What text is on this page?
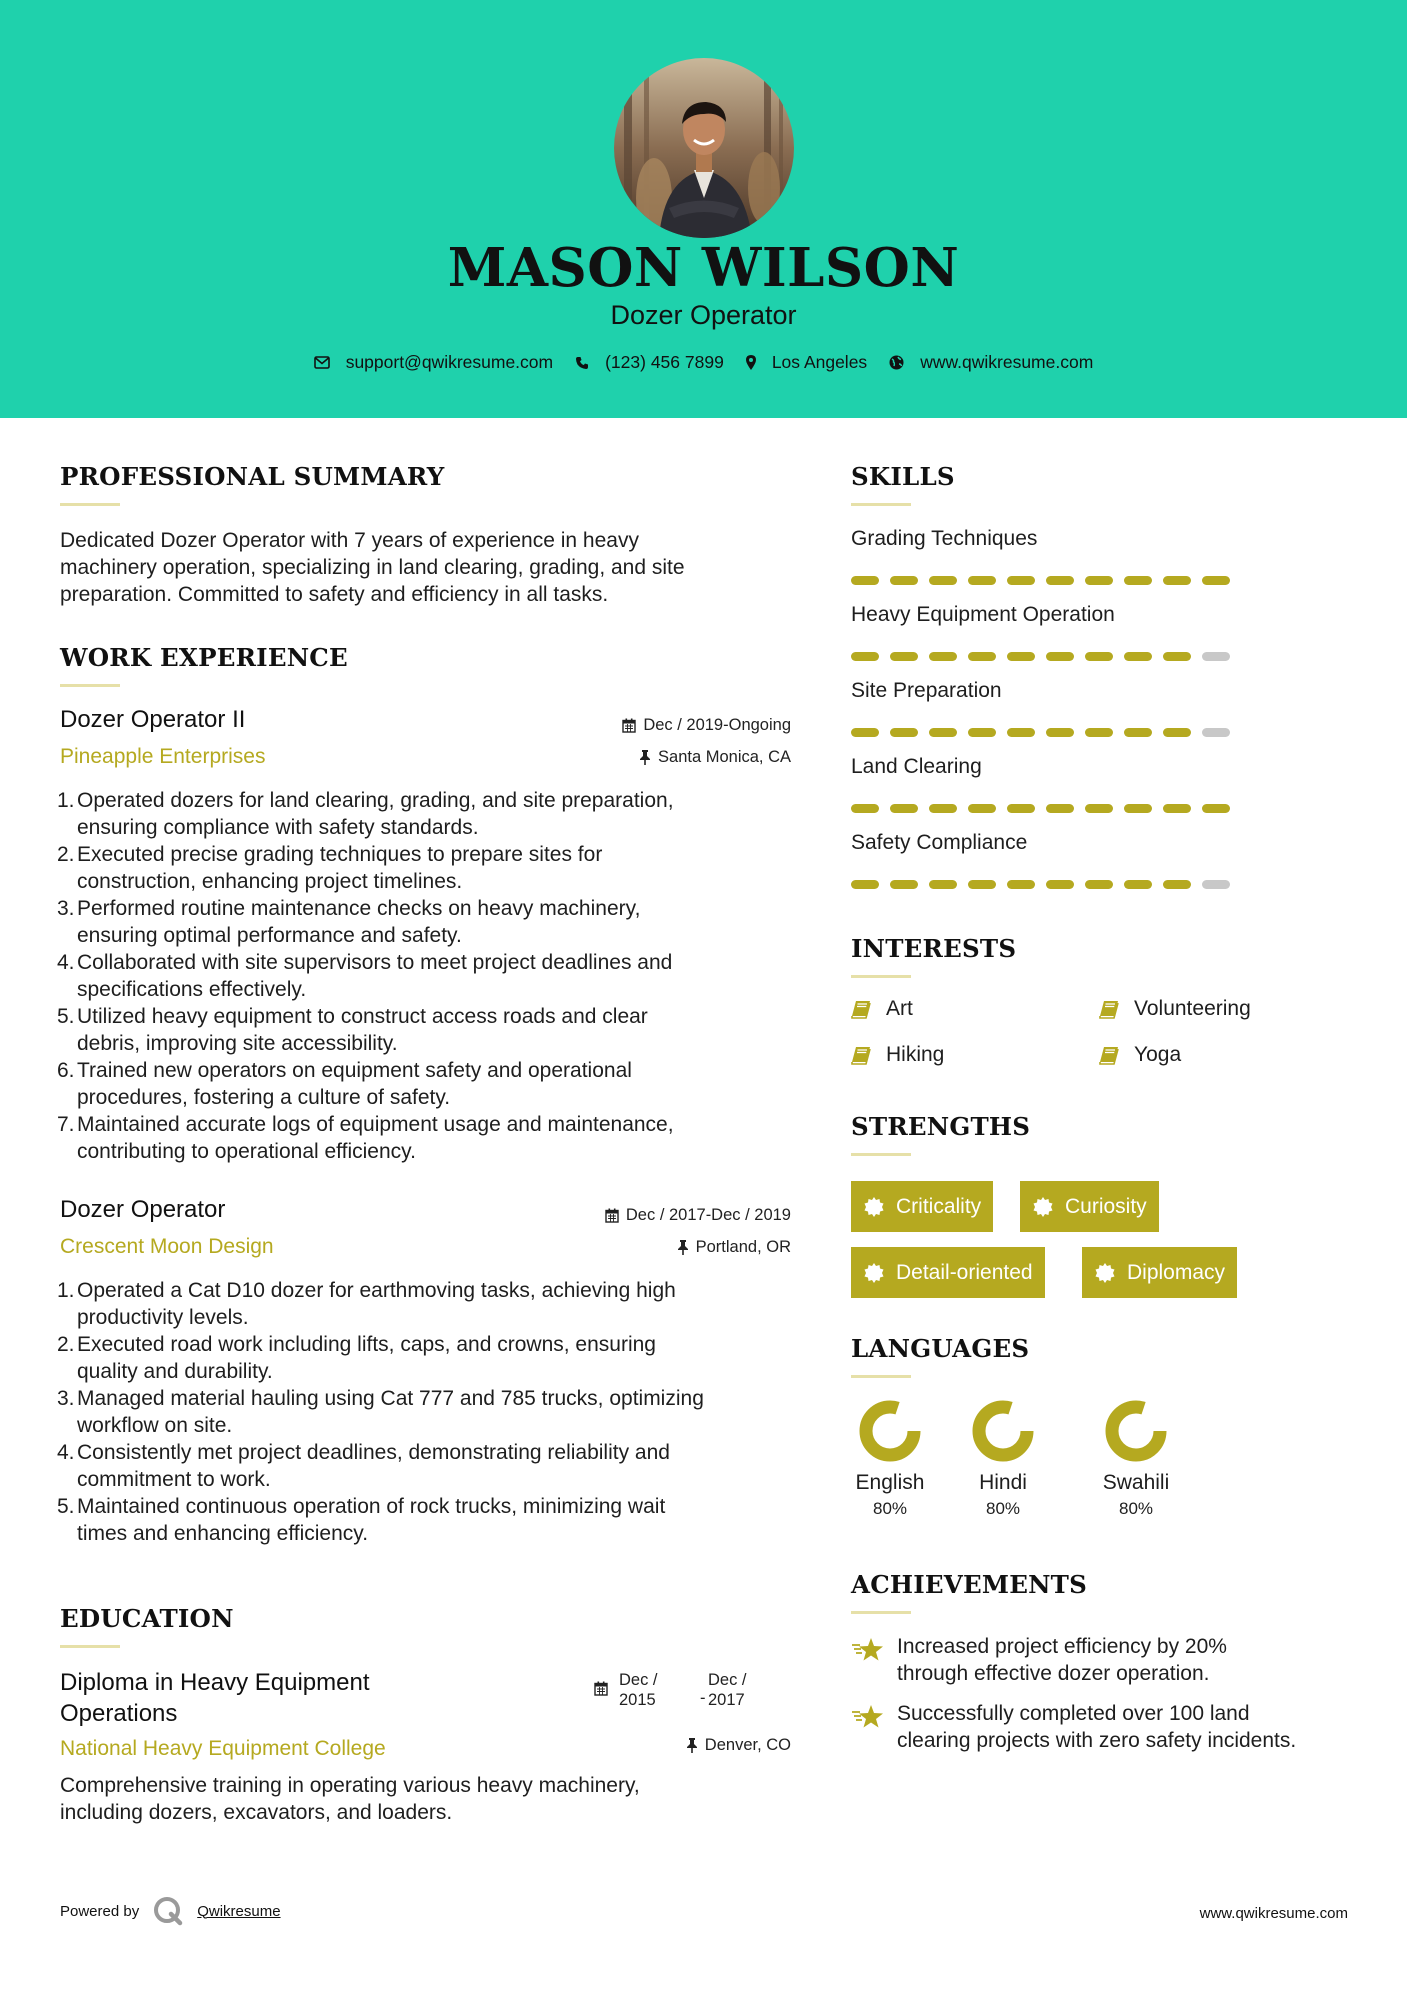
MASON WILSON
Dozer Operator
support@qwikresume.com	(123) 456 7899	Los Angeles	www.qwikresume.com
PROFESSIONAL SUMMARY
Dedicated Dozer Operator with 7 years of experience in heavy
machinery operation, specializing in land clearing, grading, and site
preparation. Committed to safety and efficiency in all tasks.
WORK EXPERIENCE
Dozer Operator II
Pineapple Enterprises
Dec / 2019-Ongoing
Santa Monica, CA
1. Operated dozers for land clearing, grading, and site preparation,
ensuring compliance with safety standards.
2. Executed precise grading techniques to prepare sites for
construction, enhancing project timelines.
3. Performed routine maintenance checks on heavy machinery,
ensuring optimal performance and safety.
4. Collaborated with site supervisors to meet project deadlines and
specifications effectively.
5. Utilized heavy equipment to construct access roads and clear
debris, improving site accessibility.
6. Trained new operators on equipment safety and operational
procedures, fostering a culture of safety.
7. Maintained accurate logs of equipment usage and maintenance,
contributing to operational efficiency.
Dozer Operator
Crescent Moon Design
Dec / 2017-Dec / 2019
Portland, OR
1. Operated a Cat D10 dozer for earthmoving tasks, achieving high
productivity levels.
2. Executed road work including lifts, caps, and crowns, ensuring
quality and durability.
3. Managed material hauling using Cat 777 and 785 trucks, optimizing
workflow on site.
4. Consistently met project deadlines, demonstrating reliability and
commitment to work.
5. Maintained continuous operation of rock trucks, minimizing wait
times and enhancing efficiency.
EDUCATION
Diploma in Heavy Equipment
Operations
Dec /
2015	-
Dec /
2017
National Heavy Equipment College	Denver, CO
Comprehensive training in operating various heavy machinery,
including dozers, excavators, and loaders.
SKILLS
Grading Techniques
Heavy Equipment Operation
Site Preparation
Land Clearing
Safety Compliance
INTERESTS
Art	Volunteering
Hiking	Yoga
STRENGTHS
Criticality	Curiosity
Detail-oriented	Diplomacy
LANGUAGES
English
80%
Hindi
80%
Swahili
80%
ACHIEVEMENTS
Increased project efficiency by 20%
through effective dozer operation.
Successfully completed over 100 land
clearing projects with zero safety incidents.
Powered by	Qwikresume	www.qwikresume.com
